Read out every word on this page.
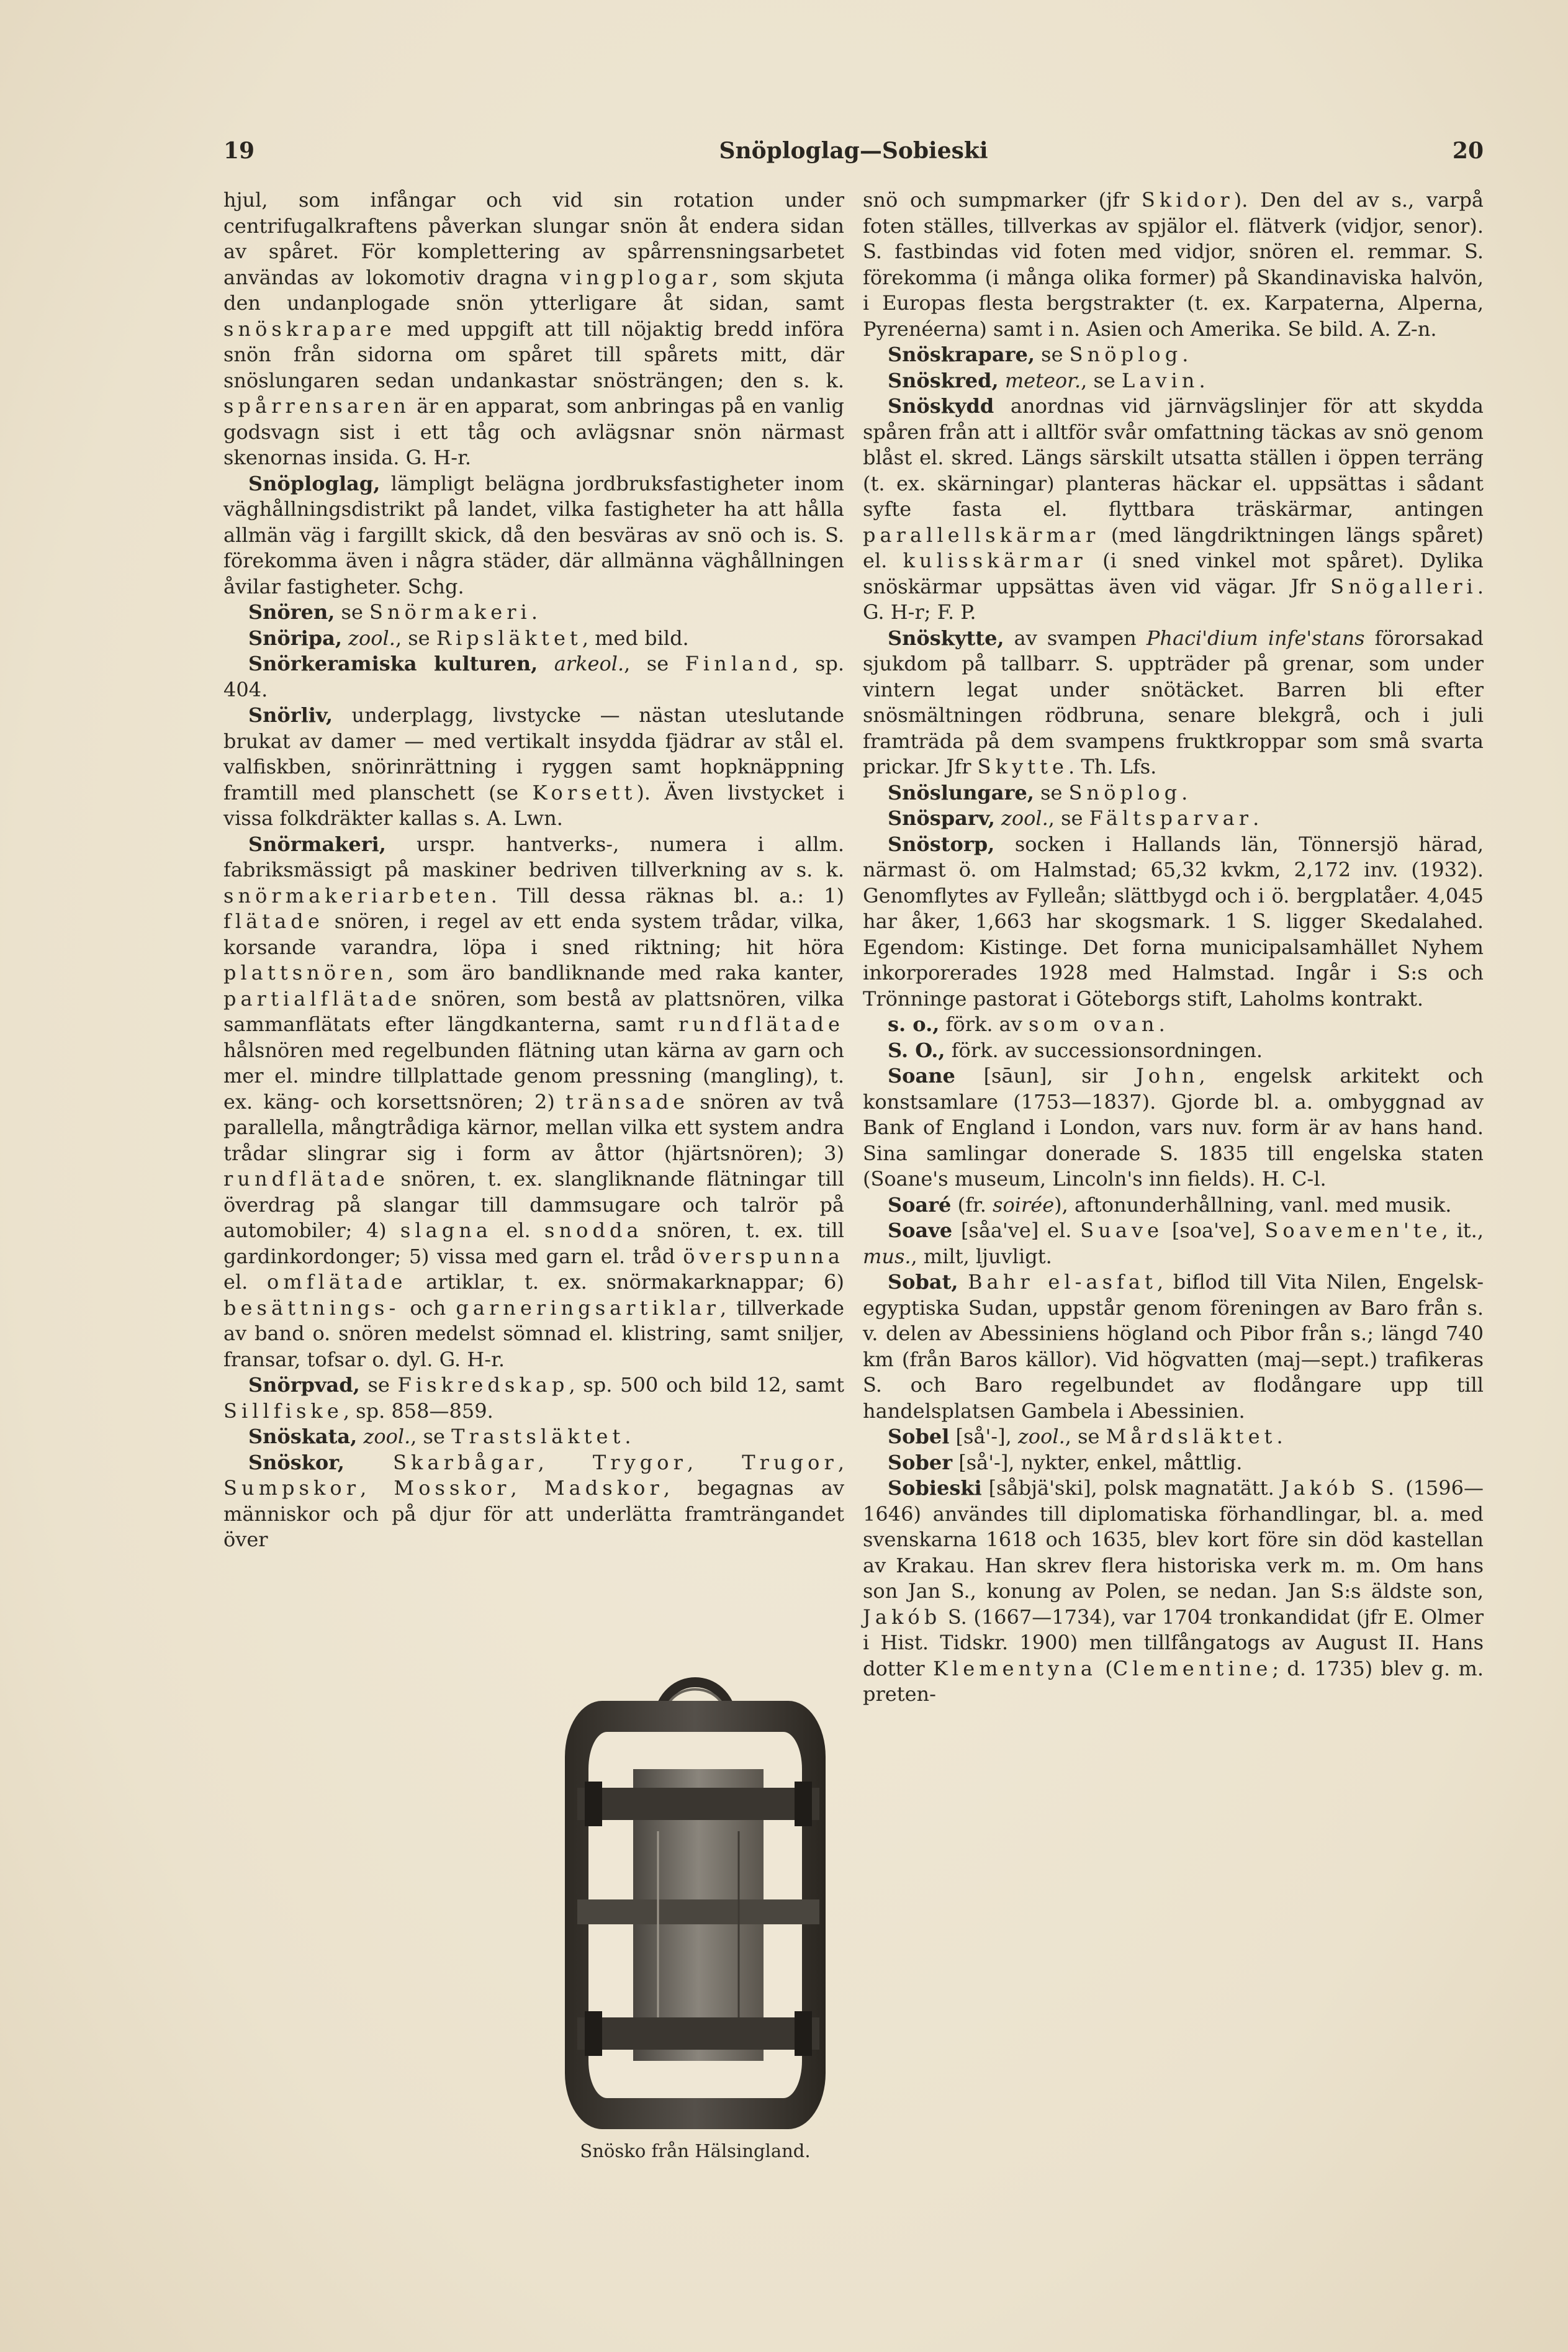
19	Snöploglag—Sobieski	20

hjul, som infångar och vid sin rotation under centrifugalkraftens påverkan slungar snön åt endera sidan av spåret. För komplettering av spårrensningsarbetet användas av lokomotiv dragna vingplogar, som skjuta den undanplogade snön ytterligare åt sidan, samt snöskrapare med uppgift att till nöjaktig bredd införa snön från sidorna om spåret till spårets mitt, där snöslungaren sedan undankastar snösträngen; den s. k. spårrensaren är en apparat, som anbringas på en vanlig godsvagn sist i ett tåg och avlägsnar snön närmast skenornas insida. G. H-r.

Snöploglag, lämpligt belägna jordbruksfastigheter inom väghållningsdistrikt på landet, vilka fastigheter ha att hålla allmän väg i fargillt skick, då den besväras av snö och is. S. förekomma även i några städer, där allmänna väghållningen åvilar fastigheter. Schg.

Snören, se Snörmakeri.

Snöripa, zool., se Ripsläktet, med bild.

Snörkeramiska kulturen, arkeol., se Finland, sp. 404.

Snörliv, underplagg, livstycke — nästan uteslutande brukat av damer — med vertikalt insydda fjädrar av stål el. valfiskben, snörinrättning i ryggen samt hopknäppning framtill med planschett (se Korsett). Även livstycket i vissa folkdräkter kallas s. A. Lwn.

Snörmakeri, urspr. hantverks-, numera i allm. fabriksmässigt på maskiner bedriven tillverkning av s. k. snörmakeriarbeten. Till dessa räknas bl. a.: 1) flätade snören, i regel av ett enda system trådar, vilka, korsande varandra, löpa i sned riktning; hit höra plattsnören, som äro bandliknande med raka kanter, partialflätade snören, som bestå av plattsnören, vilka sammanflätats efter längdkanterna, samt rundflätade hålsnören med regelbunden flätning utan kärna av garn och mer el. mindre tillplattade genom pressning (mangling), t. ex. käng- och korsettsnören; 2) tränsade snören av två parallella, mångtrådiga kärnor, mellan vilka ett system andra trådar slingrar sig i form av åttor (hjärtsnören); 3) rundflätade snören, t. ex. slangliknande flätningar till överdrag på slangar till dammsugare och talrör på automobiler; 4) slagna el. snodda snören, t. ex. till gardinkordonger; 5) vissa med garn el. tråd överspunna el. omflätade artiklar, t. ex. snörmakarknappar; 6) besättnings- och garneringsartiklar, tillverkade av band o. snören medelst sömnad el. klistring, samt sniljer, fransar, tofsar o. dyl. G. H-r.

Snörpvad, se Fiskredskap, sp. 500 och bild 12, samt Sillfiske, sp. 858—859.

Snöskata, zool., se Trastsläktet.

Snöskor, Skarbågar, Trygor, Trugor, Sumpskor, Mosskor, Madskor, begagnas av människor och på djur för att underlätta framträngandet över

Snösko från Hälsingland.

snö och sumpmarker (jfr Skidor). Den del av s., varpå foten ställes, tillverkas av spjälor el. flätverk (vidjor, senor). S. fastbindas vid foten med vidjor, snören el. remmar. S. förekomma (i många olika former) på Skandinaviska halvön, i Europas flesta bergstrakter (t. ex. Karpaterna, Alperna, Pyrenéerna) samt i n. Asien och Amerika. Se bild. A. Z-n.

Snöskrapare, se Snöplog.

Snöskred, meteor., se Lavin.

Snöskydd anordnas vid järnvägslinjer för att skydda spåren från att i alltför svår omfattning täckas av snö genom blåst el. skred. Längs särskilt utsatta ställen i öppen terräng (t. ex. skärningar) planteras häckar el. uppsättas i sådant syfte fasta el. flyttbara träskärmar, antingen parallellskärmar (med längdriktningen längs spåret) el. kulisskärmar (i sned vinkel mot spåret). Dylika snöskärmar uppsättas även vid vägar. Jfr Snögalleri. G. H-r; F. P.

Snöskytte, av svampen Phaci'dium infe'stans förorsakad sjukdom på tallbarr. S. uppträder på grenar, som under vintern legat under snötäcket. Barren bli efter snösmältningen rödbruna, senare blekgrå, och i juli framträda på dem svampens fruktkroppar som små svarta prickar. Jfr Skytte. Th. Lfs.

Snöslungare, se Snöplog.

Snösparv, zool., se Fältsparvar.

Snöstorp, socken i Hallands län, Tönnersjö härad, närmast ö. om Halmstad; 65,32 kvkm, 2,172 inv. (1932). Genomflytes av Fylleån; slättbygd och i ö. bergplatåer. 4,045 har åker, 1,663 har skogsmark. 1 S. ligger Skedalahed. Egendom: Kistinge. Det forna municipalsamhället Nyhem inkorporerades 1928 med Halmstad. Ingår i S:s och Trönninge pastorat i Göteborgs stift, Laholms kontrakt.

s. o., förk. av som ovan.

S. O., förk. av successionsordningen.

Soane [sāun], sir John, engelsk arkitekt och konstsamlare (1753—1837). Gjorde bl. a. ombyggnad av Bank of England i London, vars nuv. form är av hans hand. Sina samlingar donerade S. 1835 till engelska staten (Soane's museum, Lincoln's inn fields). H. C-l.

Soaré (fr. soirée), aftonunderhållning, vanl. med musik.

Soave [såa've] el. Suave [soa've], Soavemen'te, it., mus., milt, ljuvligt.

Sobat, Bahr el-asfat, biflod till Vita Nilen, Engelsk-egyptiska Sudan, uppstår genom föreningen av Baro från s. v. delen av Abessiniens högland och Pibor från s.; längd 740 km (från Baros källor). Vid högvatten (maj—sept.) trafikeras S. och Baro regelbundet av flodångare upp till handelsplatsen Gambela i Abessinien.

Sobel [så'-], zool., se Mårdsläktet.

Sober [så'-], nykter, enkel, måttlig.

Sobieski [såbjä'ski], polsk magnatätt. Jakób S. (1596—1646) användes till diplomatiska förhandlingar, bl. a. med svenskarna 1618 och 1635, blev kort före sin död kastellan av Krakau. Han skrev flera historiska verk m. m. Om hans son Jan S., konung av Polen, se nedan. Jan S:s äldste son, Jakób S. (1667—1734), var 1704 tronkandidat (jfr E. Olmer i Hist. Tidskr. 1900) men tillfångatogs av August II. Hans dotter Klementyna (Clementine; d. 1735) blev g. m. preten-
